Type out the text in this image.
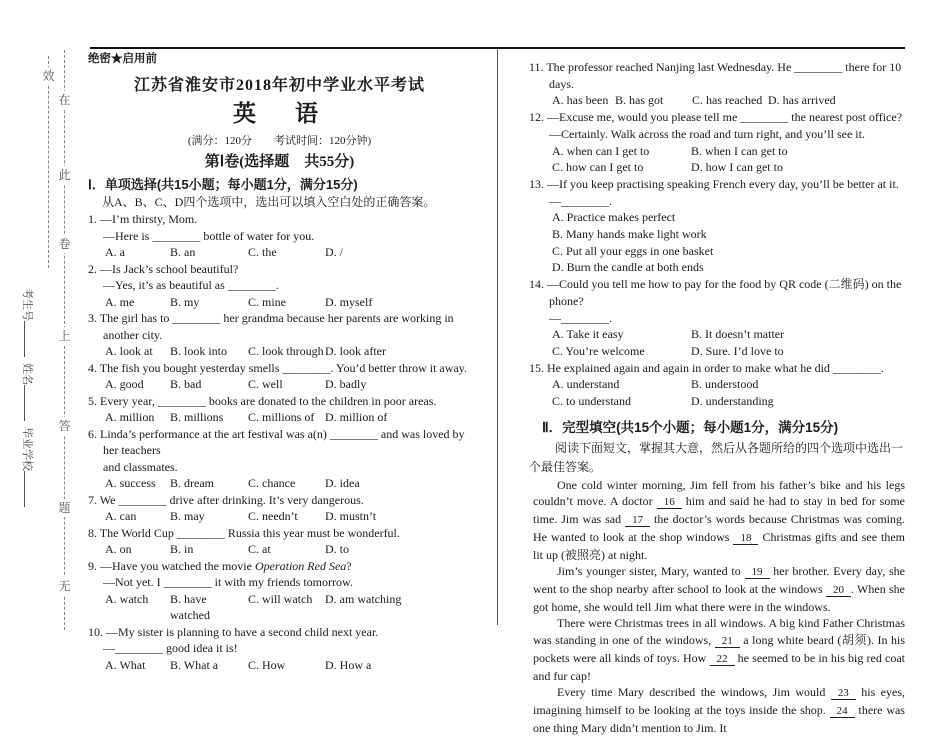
效
在
此
卷
上
答
题
无
考生号姓名毕业学校
绝密★启用前
江苏省淮安市2018年初中学业水平考试
英　语
(满分：120分　　考试时间：120分钟)
第Ⅰ卷(选择题　共55分)
Ⅰ．单项选择(共15小题；每小题1分，满分15分)
从A、B、C、D四个选项中，选出可以填入空白处的正确答案。
1. —I’m thirsty, Mom.
—Here is ________ bottle of water for you.
A. a	B. an	C. the	D. /
2. —Is Jack’s school beautiful?
—Yes, it’s as beautiful as ________.
A. me	B. my	C. mine	D. myself
3. The girl has to ________ her grandma because her parents are working in another city.
A. look at B. look into C. look throughD. look after
4. The fish you bought yesterday smells ________. You’d better throw it away.
A. good B. bad	C. well	D. badly
5. Every year, ________ books are donated to the children in poor areas.
A. million B. millions C. millions of D. million of
6. Linda’s performance at the art festival was a(n) ________ and was loved by her teachers
and classmates.
A. success B. dream	C. chance D. idea
7. We ________ drive after drinking. It’s very dangerous.
A. can	B. may	C. needn’t D. mustn’t
8. The World Cup ________ Russia this year must be wonderful.
A. on	B. in	C. at	D. to
9. —Have you watched the movie Operation Red Sea?
—Not yet. I ________ it with my friends tomorrow.
A. watch B. have watchedC. will watch D. am watching
10. —My sister is planning to have a second child next year.
—________ good idea it is!
A. What B. What a C. How	D. How a
11. The professor reached Nanjing last Wednesday. He ________ there for 10 days.
A. has been B. has got C. has reached D. has arrived
12. —Excuse me, would you please tell me ________ the nearest post office?
—Certainly. Walk across the road and turn right, and you’ll see it.
A. when can I get to	B. when I can get to
C. how can I get to	D. how I can get to
13. —If you keep practising speaking French every day, you’ll be better at it.
—________.
A. Practice makes perfect
B. Many hands make light work
C. Put all your eggs in one basket
D. Burn the candle at both ends
14. —Could you tell me how to pay for the food by QR code (二维码) on the phone?
—________.
A. Take it easy	B. It doesn’t matter
C. You’re welcome	D. Sure. I’d love to
15. He explained again and again in order to make what he did ________.
A. understand	B. understood
C. to understand	D. understanding
Ⅱ．完型填空(共15个小题；每小题1分，满分15分)
阅读下面短文，掌握其大意，然后从各题所给的四个选项中选出一个最佳答案。

One cold winter morning, Jim fell from his father’s bike and his legs couldn’t move. A doctor 16 him and said he had to stay in bed for some time. Jim was sad 17 the doctor’s words because Christmas was coming. He wanted to look at the shop windows 18 Christmas gifts and see them lit up (被照亮) at night.

Jim’s younger sister, Mary, wanted to 19 her brother. Every day, she went to the shop nearby after school to look at the windows 20 . When she got home, she would tell Jim what there were in the windows.

There were Christmas trees in all windows. A big kind Father Christmas was standing in one of the windows, 21 a long white beard (胡须). In his pockets were all kinds of toys. How 22 he seemed to be in his big red coat and fur cap!

Every time Mary described the windows, Jim would 23 his eyes, imagining himself to be looking at the toys inside the shop. 24 there was one thing Mary didn’t mention to Jim. It
